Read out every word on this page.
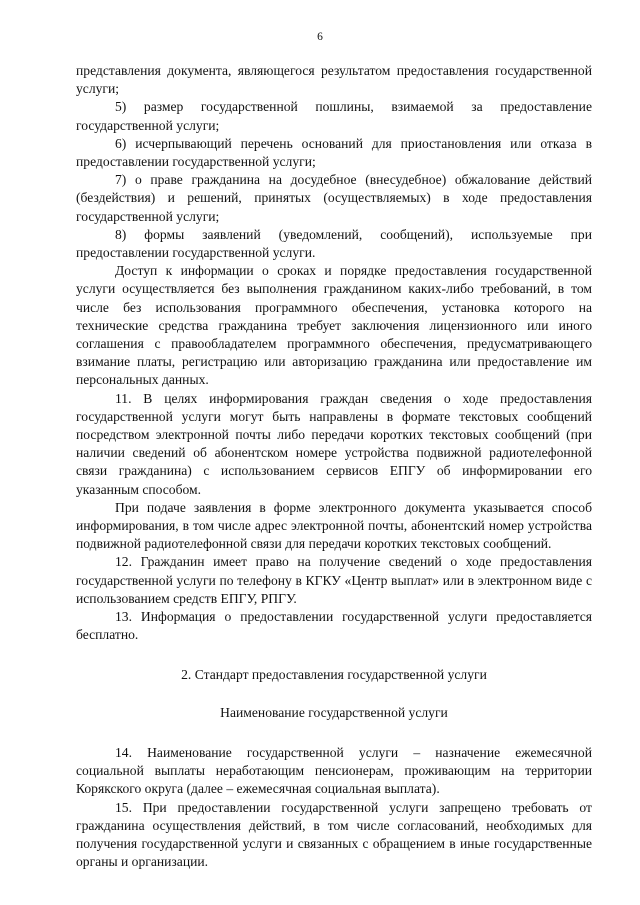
6

представления документа, являющегося результатом предоставления государственной услуги;

5) размер государственной пошлины, взимаемой за предоставление государственной услуги;

6) исчерпывающий перечень оснований для приостановления или отказа в предоставлении государственной услуги;

7) о праве гражданина на досудебное (внесудебное) обжалование действий (бездействия) и решений, принятых (осуществляемых) в ходе предоставления государственной услуги;

8) формы заявлений (уведомлений, сообщений), используемые при предоставлении государственной услуги.

Доступ к информации о сроках и порядке предоставления государственной услуги осуществляется без выполнения гражданином каких-либо требований, в том числе без использования программного обеспечения, установка которого на технические средства гражданина требует заключения лицензионного или иного соглашения с правообладателем программного обеспечения, предусматривающего взимание платы, регистрацию или авторизацию гражданина или предоставление им персональных данных.

11. В целях информирования граждан сведения о ходе предоставления государственной услуги могут быть направлены в формате текстовых сообщений посредством электронной почты либо передачи коротких текстовых сообщений (при наличии сведений об абонентском номере устройства подвижной радиотелефонной связи гражданина) с использованием сервисов ЕПГУ об информировании его указанным способом.

При подаче заявления в форме электронного документа указывается способ информирования, в том числе адрес электронной почты, абонентский номер устройства подвижной радиотелефонной связи для передачи коротких текстовых сообщений.

12. Гражданин имеет право на получение сведений о ходе предоставления государственной услуги по телефону в КГКУ «Центр выплат» или в электронном виде с использованием средств ЕПГУ, РПГУ.

13. Информация о предоставлении государственной услуги предоставляется бесплатно.

2. Стандарт предоставления государственной услуги

Наименование государственной услуги

14. Наименование государственной услуги – назначение ежемесячной социальной выплаты неработающим пенсионерам, проживающим на территории Корякского округа (далее – ежемесячная социальная выплата).

15. При предоставлении государственной услуги запрещено требовать от гражданина осуществления действий, в том числе согласований, необходимых для получения государственной услуги и связанных с обращением в иные государственные органы и организации.
